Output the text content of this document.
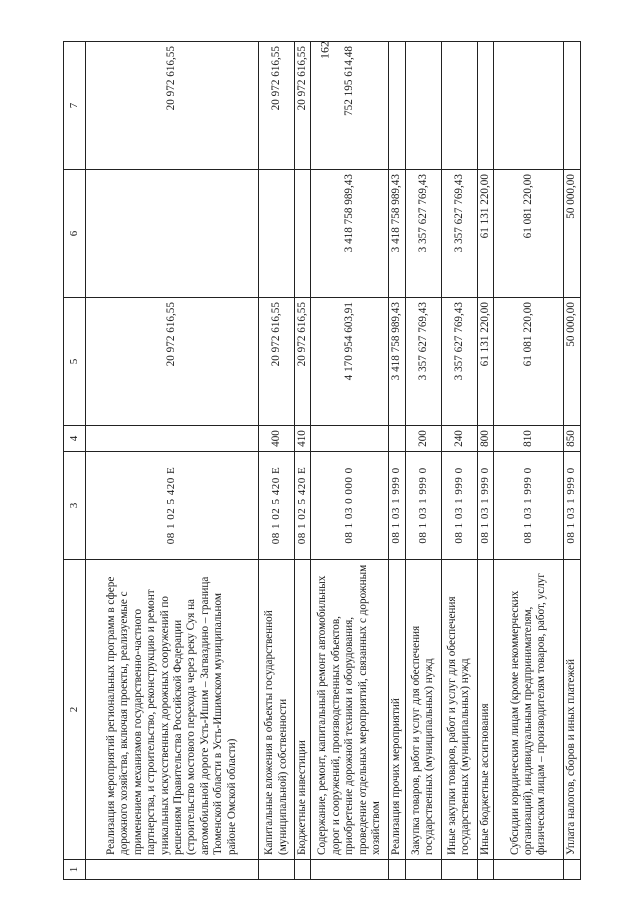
162
1	2	3	4	5	6	7
	Реализация мероприятий региональных программ в сфере дорожного хозяйства, включая проекты, реализуемые с применением механизмов государственно-частного партнерства, и строительство, реконструкцию и ремонт уникальных искусственных дорожных сооружений по решениям Правительства Российской Федерации (строительство мостового перехода через реку Суя на автомобильной дороге Усть-Ишим – Загваздино – граница Тюменской области в Усть-Ишимском муниципальном районе Омской области)	08 1 02 5 420 Е		20 972 616,55		20 972 616,55
	Капитальные вложения в объекты государственной (муниципальной) собственности	08 1 02 5 420 Е	400	20 972 616,55		20 972 616,55
	Бюджетные инвестиции	08 1 02 5 420 Е	410	20 972 616,55		20 972 616,55
	Содержание, ремонт, капитальный ремонт автомобильных дорог и сооружений, производственных объектов, приобретение дорожной техники и оборудования, проведение отдельных мероприятий, связанных с дорожным хозяйством	08 1 03 0 000 0		4 170 954 603,91	3 418 758 989,43	752 195 614,48
	Реализация прочих мероприятий	08 1 03 1 999 0		3 418 758 989,43	3 418 758 989,43	
	Закупка товаров, работ и услуг для обеспечения государственных (муниципальных) нужд	08 1 03 1 999 0	200	3 357 627 769,43	3 357 627 769,43	
	Иные закупки товаров, работ и услуг для обеспечения государственных (муниципальных) нужд	08 1 03 1 999 0	240	3 357 627 769,43	3 357 627 769,43	
	Иные бюджетные ассигнования	08 1 03 1 999 0	800	61 131 220,00	61 131 220,00	
	Субсидии юридическим лицам (кроме некоммерческих организаций), индивидуальным предпринимателям, физическим лицам – производителям товаров, работ, услуг	08 1 03 1 999 0	810	61 081 220,00	61 081 220,00	
	Уплата налогов, сборов и иных платежей	08 1 03 1 999 0	850	50 000,00	50 000,00	
